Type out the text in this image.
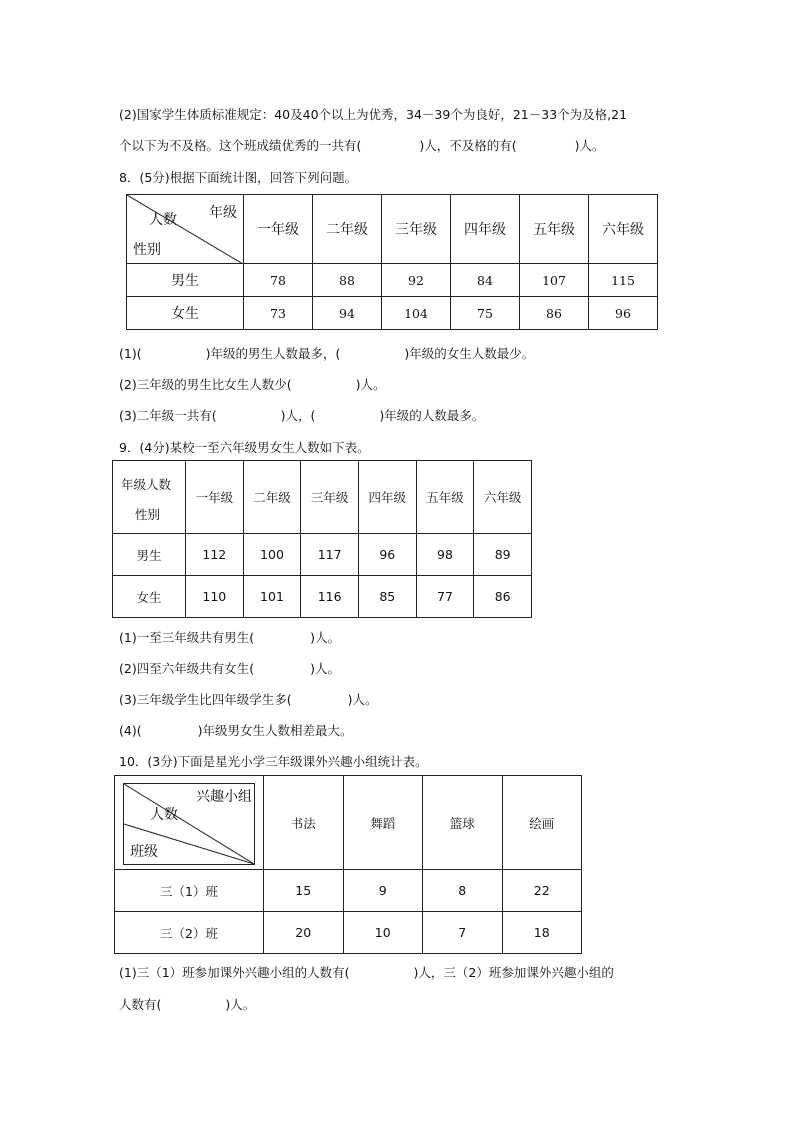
(2)国家学生体质标准规定：40及40个以上为优秀，34－39个为良好，21－33个为及格,21
个以下为不及格。这个班成绩优秀的一共有(	)人，不及格的有(	)人。
8．(5分)根据下面统计图，回答下列问题。
年级
人数
性别	一年级	二年级	三年级	四年级	五年级	六年级
男生	78	88	92	84	107	115
女生	73	94	104	75	86	96
(1)(	)年级的男生人数最多，(	)年级的女生人数最少。
(2)三年级的男生比女生人数少(	)人。
(3)二年级一共有(	)人，(	)年级的人数最多。
9．(4分)某校一至六年级男女生人数如下表。
年级人数
性别	一年级	二年级	三年级	四年级	五年级	六年级
男生	112	100	117	96	98	89
女生	110	101	116	85	77	86
(1)一至三年级共有男生(	)人。
(2)四至六年级共有女生(	)人。
(3)三年级学生比四年级学生多(	)人。
(4)(	)年级男女生人数相差最大。
10．(3分)下面是星光小学三年级课外兴趣小组统计表。
兴趣小组
人数
班级	书法	舞蹈	篮球	绘画
三（1）班	15	9	8	22
三（2）班	20	10	7	18
(1)三（1）班参加课外兴趣小组的人数有(	)人，三（2）班参加课外兴趣小组的
人数有(	)人。
